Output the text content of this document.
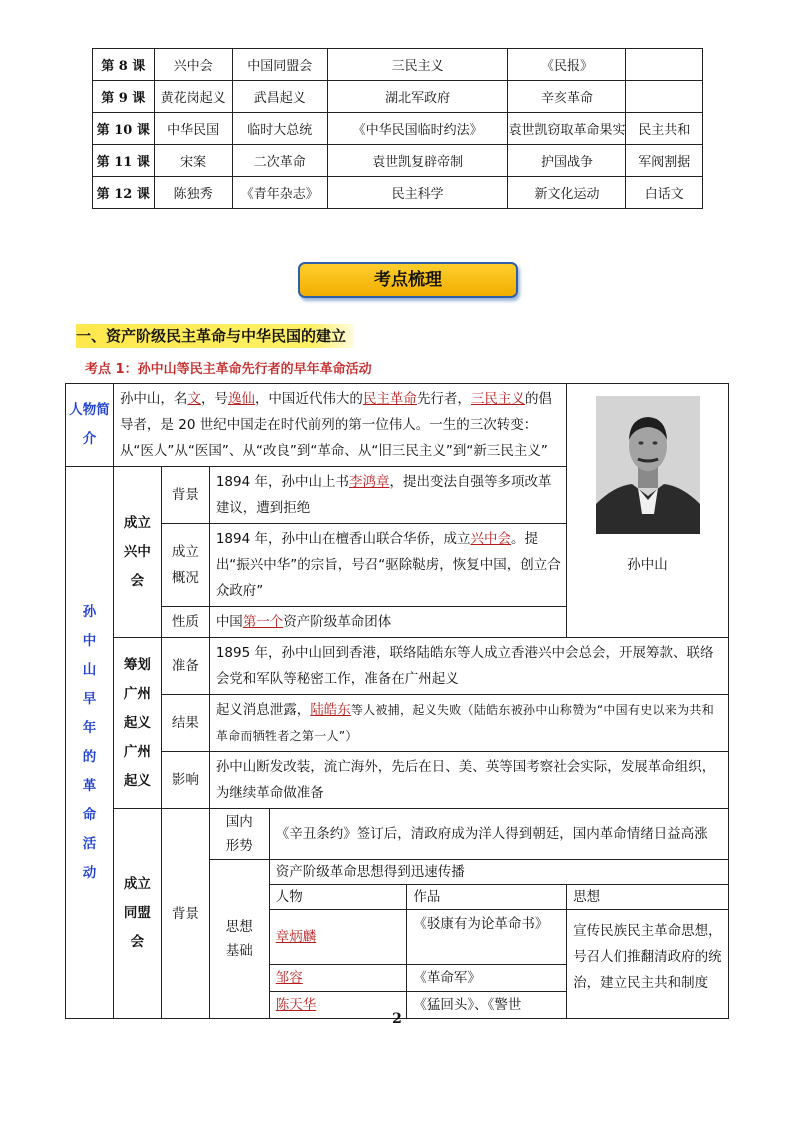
第 8 课	兴中会	中国同盟会	三民主义	《民报》	
第 9 课	黄花岗起义	武昌起义	湖北军政府	辛亥革命	
第 10 课	中华民国	临时大总统	《中华民国临时约法》	袁世凯窃取革命果实	民主共和
第 11 课	宋案	二次革命	袁世凯复辟帝制	护国战争	军阀割据
第 12 课	陈独秀	《青年杂志》	民主科学	新文化运动	白话文
考点梳理
一、资产阶级民主革命与中华民国的建立
考点 1：孙中山等民主革命先行者的早年革命活动
人物简介	孙中山，名文，号逸仙，中国近代伟大的民主革命先行者，三民主义的倡导者，是 20 世纪中国走在时代前列的第一位伟人。一生的三次转变：从“医人”从“医国”、从“改良”到“革命、从“旧三民主义”到“新三民主义”					孙中山

孙中山早年的革命活动	成立兴中会	背景	1894 年，孙中山上书李鸿章，提出变法自强等多项改革建议，遭到拒绝			

		成立概况	1894 年，孙中山在檀香山联合华侨，成立兴中会。提出“振兴中华”的宗旨，号召“驱除鞑虏，恢复中国，创立合众政府”			
		性质	中国第一个资产阶级革命团体			

	筹划广州起义广州起义	准备	1895 年，孙中山回到香港，联络陆皓东等人成立香港兴中会总会，开展筹款、联络会党和军队等秘密工作，准备在广州起义			
		结果	起义消息泄露，陆皓东等人被捕，起义失败（陆皓东被孙中山称赞为“中国有史以来为共和革命而牺牲者之第一人”）			
		影响	孙中山断发改装，流亡海外，先后在日、美、英等国考察社会实际，发展革命组织，为继续革命做准备			

	成立同盟会	背景	国内形势	《辛丑条约》签订后，清政府成为洋人得到朝廷，国内革命情绪日益高涨		

			思想基础	资产阶级革命思想得到迅速传播		
				人物	作品	思想
				章炳麟	《驳康有为论革命书》	宣传民族民主革命思想，号召人们推翻清政府的统治，建立民主共和制度
				邹容	《革命军》	
				陈天华	《猛回头》、《警世	
2
